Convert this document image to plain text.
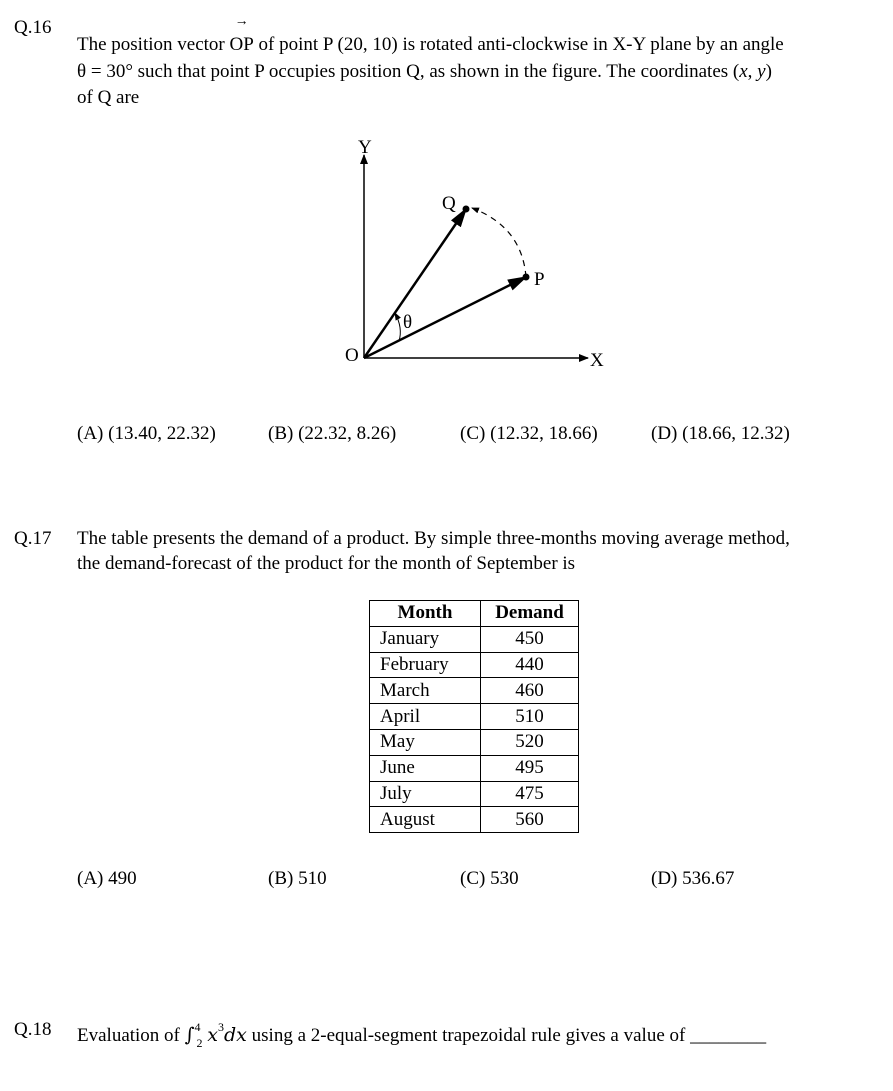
Q.16
The position vector
→
OP of point P (20, 10) is rotated anti-clockwise in X-Y plane by an angle
θ = 30° such that point P occupies position Q, as shown in the figure. The coordinates (x, y)
of Q are
Y
X
O
P
Q
θ
(A) (13.40, 22.32)	(B) (22.32, 8.26)	(C) (12.32, 18.66)	(D) (18.66, 12.32)
Q.17 The table presents the demand of a product. By simple three-months moving average method,
the demand-forecast of the product for the month of September is
Month	Demand
January	450
February	440
March	460
April	510
May	520
June	495
July	475
August	560
(A) 490	(B) 510	(C) 530	(D) 536.67
Q.18 Evaluation of ∫$^4_2$ $x^3dx$ using a 2-equal-segment trapezoidal rule gives a value of ________
